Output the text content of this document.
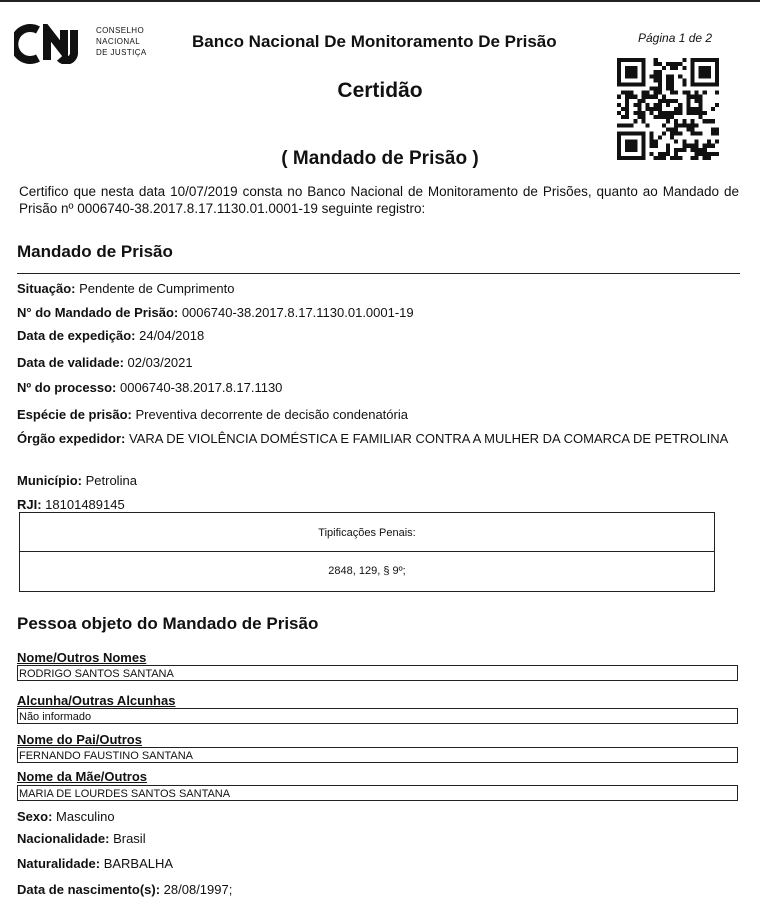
CONSELHO
NACIONAL
DE JUSTIÇA
Banco Nacional De Monitoramento De Prisão	Página 1 de 2
Certidão
( Mandado de Prisão )
Certifico que nesta data 10/07/2019 consta no Banco Nacional de Monitoramento de Prisões, quanto ao Mandado de Prisão nº 0006740-38.2017.8.17.1130.01.0001-19 seguinte registro:
Mandado de Prisão
Situação: Pendente de Cumprimento
N° do Mandado de Prisão: 0006740-38.2017.8.17.1130.01.0001-19
Data de expedição: 24/04/2018
Data de validade: 02/03/2021
Nº do processo: 0006740-38.2017.8.17.1130
Espécie de prisão: Preventiva decorrente de decisão condenatória
Órgão expedidor: VARA DE VIOLÊNCIA DOMÉSTICA E FAMILIAR CONTRA A MULHER DA COMARCA DE PETROLINA
Município: Petrolina
RJI: 18101489145
Tipificações Penais:
2848, 129, § 9º;
Pessoa objeto do Mandado de Prisão
Nome/Outros Nomes
RODRIGO SANTOS SANTANA
Alcunha/Outras Alcunhas
Não informado
Nome do Pai/Outros
FERNANDO FAUSTINO SANTANA
Nome da Mãe/Outros
MARIA DE LOURDES SANTOS SANTANA
Sexo: Masculino
Nacionalidade: Brasil
Naturalidade: BARBALHA
Data de nascimento(s): 28/08/1997;
